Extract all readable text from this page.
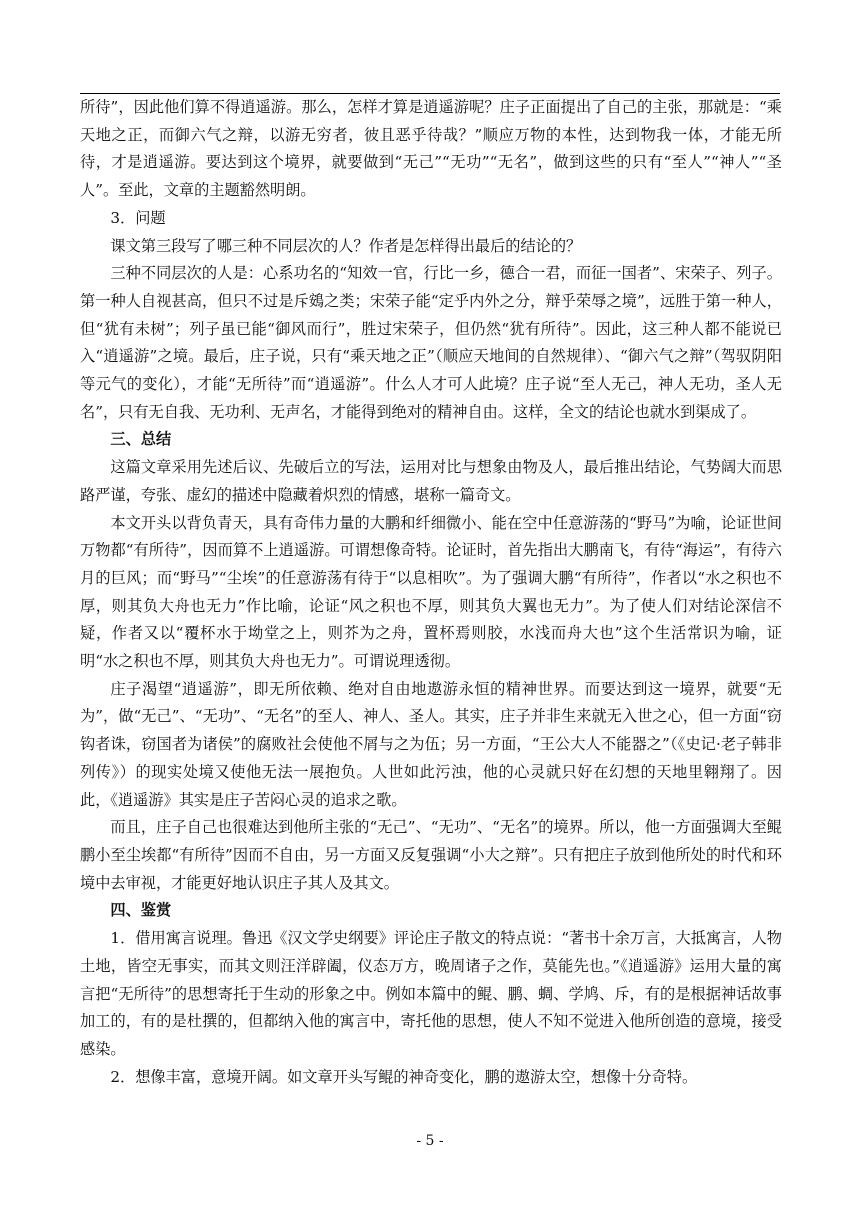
所待”，因此他们算不得逍遥游。那么，怎样才算是逍遥游呢？庄子正面提出了自己的主张，那就是：“乘天地之正，而御六气之辩，以游无穷者，彼且恶乎待哉？”顺应万物的本性，达到物我一体，才能无所待，才是逍遥游。要达到这个境界，就要做到“无己”“无功”“无名”，做到这些的只有“至人”“神人”“圣人”。至此，文章的主题豁然明朗。

3．问题

课文第三段写了哪三种不同层次的人？作者是怎样得出最后的结论的？

三种不同层次的人是：心系功名的“知效一官，行比一乡，德合一君，而征一国者”、宋荣子、列子。第一种人自视甚高，但只不过是斥鴳之类；宋荣子能“定乎内外之分，辩乎荣辱之境”，远胜于第一种人，但“犹有未树”；列子虽已能“御风而行”，胜过宋荣子，但仍然“犹有所待”。因此，这三种人都不能说已入“逍遥游”之境。最后，庄子说，只有“乘天地之正”（顺应天地间的自然规律）、“御六气之辩”（驾驭阴阳等元气的变化），才能“无所待”而“逍遥游”。什么人才可人此境？庄子说“至人无己，神人无功，圣人无名”，只有无自我、无功利、无声名，才能得到绝对的精神自由。这样，全文的结论也就水到渠成了。

三、总结

这篇文章采用先述后议、先破后立的写法，运用对比与想象由物及人，最后推出结论，气势阔大而思路严谨，夸张、虚幻的描述中隐藏着炽烈的情感，堪称一篇奇文。

本文开头以背负青天，具有奇伟力量的大鹏和纤细微小、能在空中任意游荡的“野马”为喻，论证世间万物都“有所待”，因而算不上逍遥游。可谓想像奇特。论证时，首先指出大鹏南飞，有待“海运”，有待六月的巨风；而“野马”“尘埃”的任意游荡有待于“以息相吹”。为了强调大鹏“有所待”，作者以“水之积也不厚，则其负大舟也无力”作比喻，论证“风之积也不厚，则其负大翼也无力”。为了使人们对结论深信不疑，作者又以“覆杯水于坳堂之上，则芥为之舟，置杯焉则胶，水浅而舟大也”这个生活常识为喻，证明“水之积也不厚，则其负大舟也无力”。可谓说理透彻。

庄子渴望“逍遥游”，即无所依赖、绝对自由地遨游永恒的精神世界。而要达到这一境界，就要“无为”，做“无己”、“无功”、“无名”的至人、神人、圣人。其实，庄子并非生来就无入世之心，但一方面“窃钩者诛，窃国者为诸侯”的腐败社会使他不屑与之为伍；另一方面，“王公大人不能器之”（《史记·老子韩非列传》）的现实处境又使他无法一展抱负。人世如此污浊，他的心灵就只好在幻想的天地里翱翔了。因此，《逍遥游》其实是庄子苦闷心灵的追求之歌。

而且，庄子自己也很难达到他所主张的“无己”、“无功”、“无名”的境界。所以，他一方面强调大至鲲鹏小至尘埃都“有所待”因而不自由，另一方面又反复强调“小大之辩”。只有把庄子放到他所处的时代和环境中去审视，才能更好地认识庄子其人及其文。

四、鉴赏

1．借用寓言说理。鲁迅《汉文学史纲要》评论庄子散文的特点说：“著书十余万言，大抵寓言，人物土地，皆空无事实，而其文则汪洋辟阖，仪态万方，晚周诸子之作，莫能先也。”《逍遥游》运用大量的寓言把“无所待”的思想寄托于生动的形象之中。例如本篇中的鲲、鹏、蜩、学鸠、斥，有的是根据神话故事加工的，有的是杜撰的，但都纳入他的寓言中，寄托他的思想，使人不知不觉进入他所创造的意境，接受感染。

2．想像丰富，意境开阔。如文章开头写鲲的神奇变化，鹏的遨游太空，想像十分奇特。

- 5 -
